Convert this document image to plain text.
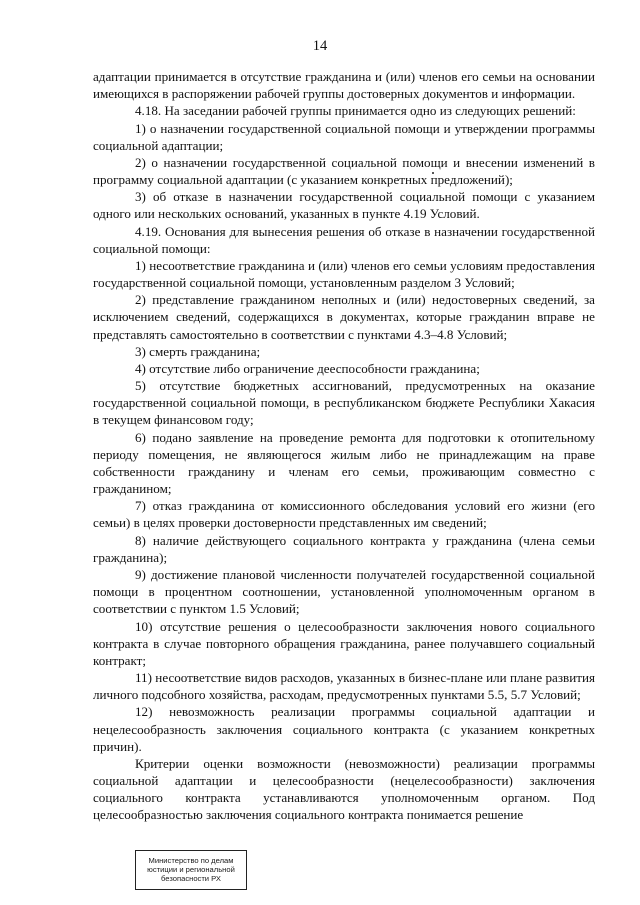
14

адаптации принимается в отсутствие гражданина и (или) членов его семьи на основании имеющихся в распоряжении рабочей группы достоверных документов и информации.

4.18. На заседании рабочей группы принимается одно из следующих решений:

1) о назначении государственной социальной помощи и утверждении программы социальной адаптации;

2) о назначении государственной социальной помощи и внесении изменений в программу социальной адаптации (с указанием конкретных предложений);

3) об отказе в назначении государственной социальной помощи с указанием одного или нескольких оснований, указанных в пункте 4.19 Условий.

4.19. Основания для вынесения решения об отказе в назначении государственной социальной помощи:

1) несоответствие гражданина и (или) членов его семьи условиям предоставления государственной социальной помощи, установленным разделом 3 Условий;

2) представление гражданином неполных и (или) недостоверных сведений, за исключением сведений, содержащихся в документах, которые гражданин вправе не представлять самостоятельно в соответствии с пунктами 4.3–4.8 Условий;

3) смерть гражданина;

4) отсутствие либо ограничение дееспособности гражданина;

5) отсутствие бюджетных ассигнований, предусмотренных на оказание государственной социальной помощи, в республиканском бюджете Республики Хакасия в текущем финансовом году;

6) подано заявление на проведение ремонта для подготовки к отопительному периоду помещения, не являющегося жилым либо не принадлежащим на праве собственности гражданину и членам его семьи, проживающим совместно с гражданином;

7) отказ гражданина от комиссионного обследования условий его жизни (его семьи) в целях проверки достоверности представленных им сведений;

8) наличие действующего социального контракта у гражданина (члена семьи гражданина);

9) достижение плановой численности получателей государственной социальной помощи в процентном соотношении, установленной уполномоченным органом в соответствии с пунктом 1.5 Условий;

10) отсутствие решения о целесообразности заключения нового социального контракта в случае повторного обращения гражданина, ранее получавшего социальный контракт;

11) несоответствие видов расходов, указанных в бизнес-плане или плане развития личного подсобного хозяйства, расходам, предусмотренных пунктами 5.5, 5.7 Условий;

12) невозможность реализации программы социальной адаптации и нецелесообразность заключения социального контракта (с указанием конкретных причин).

Критерии оценки возможности (невозможности) реализации программы социальной адаптации и целесообразности (нецелесообразности) заключения социального контракта устанавливаются уполномоченным органом. Под целесообразностью заключения социального контракта понимается решение

Министерство по делам
юстиции и региональной
безопасности РХ
